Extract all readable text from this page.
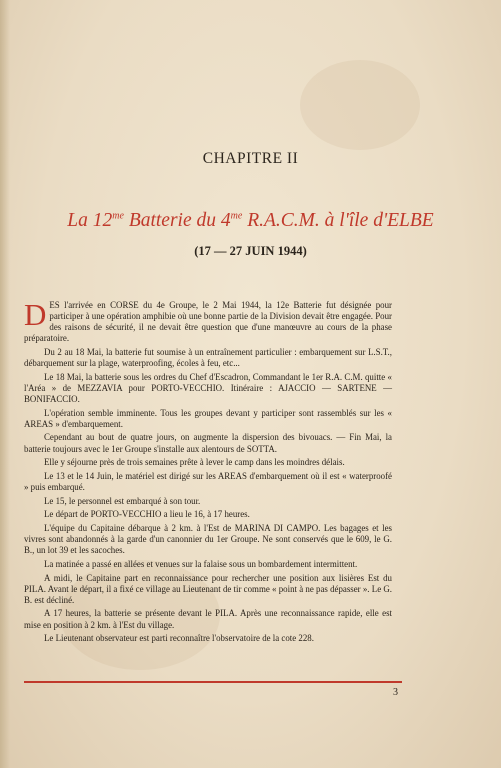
CHAPITRE II
La $12^{me}$ Batterie du $4^{me}$ R.A.C.M. à l'île d'ELBE
(17 — 27 JUIN 1944)

DES l'arrivée en CORSE du 4e Groupe, le 2 Mai 1944, la 12e Batterie fut désignée pour participer à une opération amphibie où une bonne partie de la Division devait être engagée. Pour des raisons de sécurité, il ne devait être question que d'une manœuvre au cours de la phase préparatoire.

Du 2 au 18 Mai, la batterie fut soumise à un entraînement particulier : embarquement sur L.S.T., débarquement sur la plage, waterproofing, écoles à feu, etc...

Le 18 Mai, la batterie sous les ordres du Chef d'Escadron, Commandant le 1er R.A. C.M. quitte « l'Aréa » de MEZZAVIA pour PORTO-VECCHIO. Itinéraire : AJACCIO — SARTENE — BONIFACCIO.

L'opération semble imminente. Tous les groupes devant y participer sont rassemblés sur les « AREAS » d'embarquement.

Cependant au bout de quatre jours, on augmente la dispersion des bivouacs. — Fin Mai, la batterie toujours avec le 1er Groupe s'installe aux alentours de SOTTA.

Elle y séjourne près de trois semaines prête à lever le camp dans les moindres délais.

Le 13 et le 14 Juin, le matériel est dirigé sur les AREAS d'embarquement où il est « waterproofé » puis embarqué.

Le 15, le personnel est embarqué à son tour.

Le départ de PORTO-VECCHIO a lieu le 16, à 17 heures.

L'équipe du Capitaine débarque à 2 km. à l'Est de MARINA DI CAMPO. Les bagages et les vivres sont abandonnés à la garde d'un canonnier du 1er Groupe. Ne sont conservés que le 609, le G. B., un lot 39 et les sacoches.

La matinée a passé en allées et venues sur la falaise sous un bombardement intermittent.

A midi, le Capitaine part en reconnaissance pour rechercher une position aux lisières Est du PILA. Avant le départ, il a fixé ce village au Lieutenant de tir comme « point à ne pas dépasser ». Le G. B. est décliné.

A 17 heures, la batterie se présente devant le PILA. Après une reconnaissance rapide, elle est mise en position à 2 km. à l'Est du village.

Le Lieutenant observateur est parti reconnaître l'observatoire de la cote 228.

3
